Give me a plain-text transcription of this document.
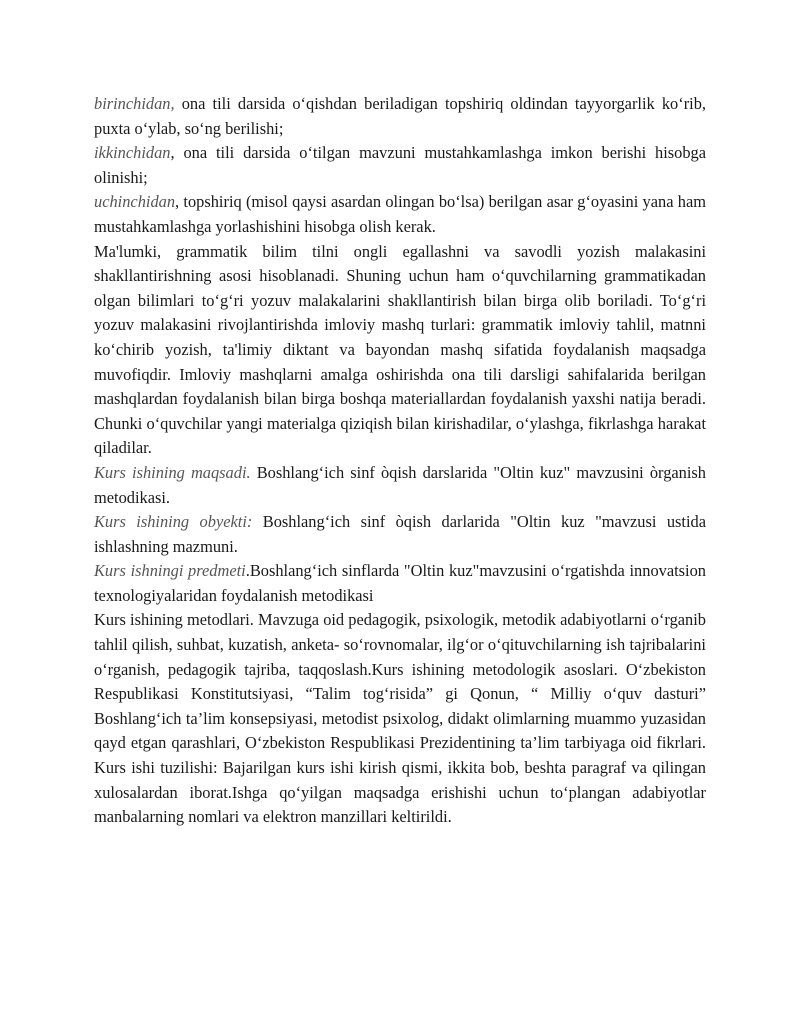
birinchidan, ona tili darsida o‘qishdan beriladigan topshiriq oldindan tayyorgarlik ko‘rib, puxta o‘ylab, so‘ng berilishi;

ikkinchidan, ona tili darsida o‘tilgan mavzuni mustahkamlashga imkon berishi hisobga olinishi;

uchinchidan, topshiriq (misol qaysi asardan olingan bo‘lsa) berilgan asar g‘oyasini yana ham mustahkamlashga yorlashishini hisobga olish kerak.

Ma'lumki, grammatik bilim tilni ongli egallashni va savodli yozish malakasini shakllantirishning asosi hisoblanadi. Shuning uchun ham o‘quvchilarning grammatikadan olgan bilimlari to‘g‘ri yozuv malakalarini shakllantirish bilan birga olib boriladi. To‘g‘ri yozuv malakasini rivojlantirishda imloviy mashq turlari: grammatik imloviy tahlil, matnni ko‘chirib yozish, ta'limiy diktant va bayondan mashq sifatida foydalanish maqsadga muvofiqdir. Imloviy mashqlarni amalga oshirishda ona tili darsligi sahifalarida berilgan mashqlardan foydalanish bilan birga boshqa materiallardan foydalanish yaxshi natija beradi. Chunki o‘quvchilar yangi materialga qiziqish bilan kirishadilar, o‘ylashga, fikrlashga harakat qiladilar.

Kurs ishining maqsadi. Boshlang‘ich sinf òqish darslarida "Oltin kuz" mavzusini òrganish metodikasi.

Kurs ishining obyekti: Boshlang‘ich sinf òqish darlarida "Oltin kuz "mavzusi ustida ishlashning mazmuni.

Kurs ishningi predmeti.Boshlang‘ich sinflarda "Oltin kuz"mavzusini o‘rgatishda innovatsion texnologiyalaridan foydalanish metodikasi

Kurs ishining metodlari. Mavzuga oid pedagogik, psixologik, metodik adabiyotlarni o‘rganib tahlil qilish, suhbat, kuzatish, anketa- so‘rovnomalar, ilg‘or o‘qituvchilarning ish tajribalarini o‘rganish, pedagogik tajriba, taqqoslash.Kurs ishining metodologik asoslari. O‘zbekiston Respublikasi Konstitutsiyasi, “Talim tog‘risida” gi Qonun, “ Milliy o‘quv dasturi” Boshlang‘ich ta’lim konsepsiyasi, metodist psixolog, didakt olimlarning muammo yuzasidan qayd etgan qarashlari, O‘zbekiston Respublikasi Prezidentining ta’lim tarbiyaga oid fikrlari. Kurs ishi tuzilishi: Bajarilgan kurs ishi kirish qismi, ikkita bob, beshta paragraf va qilingan xulosalardan iborat.Ishga qo‘yilgan maqsadga erishishi uchun to‘plangan adabiyotlar manbalarning nomlari va elektron manzillari keltirildi.
